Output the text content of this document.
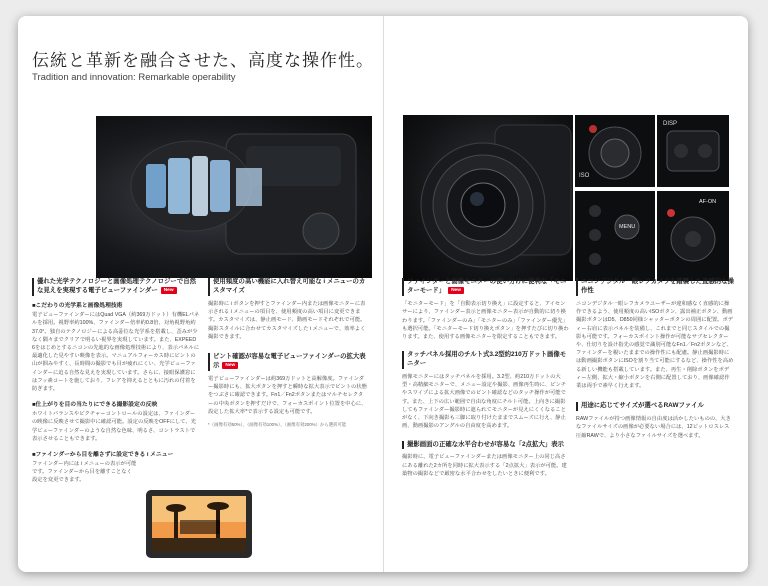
伝統と革新を融合させた、高度な操作性。
Tradition and innovation: Remarkable operability
優れた光学テクノロジーと画像処理テクノロジーで自然な見えを実現する電子ビューファインダー New
■こだわりの光学系と画像処理技術
電子ビューファインダーにはQuad VGA（約369万ドット）有機ELパネルを採用。視野率約100%、ファインダー倍率約0.8倍、対角視野角約37.0°。独自のテクノロジーによる高품位な光学系を搭載し、歪みが少なく隅々までクリアで明るい視界を実現しています。また、EXPEED 6をはじめとするニコンの先進的な画像処理技術により、表示パネルに最適化した見やすい映像を表示。マニュアルフォーカス時にピントの山が掴みやすく、長時間の撮影でも目が疲れにくい、光学ビューファインダーに迫る自然な見えを実現しています。さらに、接眼保護窓にはフッ素コートを施しており、フレアを抑えるとともに汚れの付着を防ぎます。
■仕上がりを目の当たりにできる撮影設定の反映
ホワイトバランスやピクチャーコントロールの設定は、ファインダーの映像に反映させて撮影中に確認可能。設定の反映をOFFにして、光学ビューファインダーのような自然な色味、明るさ、コントラストで表示させることもできます。
■ファインダーから目を離さずに設定できる i メニュー
ファインダー内には i メニューの表示が可能です。ファインダーから目を離すことなく設定を変更できます。
使用頻度の高い機能に入れ替え可能な i メニューのカスタマイズ
撮影時に i ボタンを押すとファインダー内または画像モニターに表示される i メニューの項目を、使用頻度の高い項目に変更できます。カスタマイズは、静止画モード、動画モードそれぞれで可能。撮影スタイルに合わせてカスタマイズした i メニューで、効率よく撮影できます。
ピント確認が容易な電子ビューファインダーの拡大表示 New
電子ビューファインダーは約369万ドットと高解像度。ファインダー撮影時にも、拡大ボタンを押すと瞬時な拡大表示でピントの状態をつぶさに確認できます。Fn1／Fn2ボタンまたはマルチセレクターの中央ボタンを押すだけで、フォーカスポイント位置を中心に、設定した拡大率*で表示する設定も可能です。
*（画像有効50%）、（画像有効100%）、（画像有効200%）から選択可能
ISO
DISP
MENU
AF-ON
ファインダーと画像モニターの使い分けに便利な「モニターモード」 New
「モニターモード」を「自動表示切り換え」に設定すると、アイセンサーにより、ファインダー表示と画像モニター表示が自動的に切り換わります。「ファインダーのみ」「モニターのみ」「ファインダー優先」も選択可能。「モニターモード切り換えボタン」を押すたびに切り換わります。また、使用する画像モニターを限定することもできます。
タッチパネル採用のチルト式3.2型約210万ドット画像モニター
画像モニターにはタッチパネルを採用。3.2型、約210万ドットの大型・高精細モニターで、メニュー設定や撮影、画像再生時に、ピンチやスワイプによる拡大画像でのピント確認などのタッチ操作が可能です。また、上下の広い範囲で自由な角度にチルト可能。上向きに撮影してもファインダー撮影時に遮られてモニターが見えにくくなることがなく、下向き撮影も三脚に取り付けたままでスムーズに行え、静止画、動画撮影のアングルの自由度を高めます。
撮影画面の正確な水平合わせが容易な「2点拡大」表示
撮影時に、電子ビューファインダーまたは画像モニター上の同じ高さにある離れた2カ所を同時に拡大表示する「2点拡大」表示が可能。建築物の撮影などで厳密な水平合わせをしたいときに便利です。
ニコンデジタル一眼レフカメラを踏襲した直感的な操作性
ニコンデジタル一眼レフカメラユーザーが違和感なく直感的に操作できるよう、使用頻度の高いISOボタン、露出補正ボタン、動画撮影ボタンはD5、D850同様シャッターボタンの周囲に配置。ボディー右肩に表示パネルを装備し、これまでと同じスタイルでの撮影も可能です。フォーカスポイント操作が可能なサブセレクターや、仕切りを設け指先の感覚で識別可能なFn1／Fn2ボタンなど、ファインダーを覗いたままでの操作性にも配慮。静止画撮影時には動画撮影ボタンにISOを割り当て可能にするなど、操作性を高める新しい機能も搭載しています。また、再生・削除ボタンをボディー左側、拡大・縮小ボタンを右側に配置しており、画像確認作業は両手で素早く行えます。
用途に応じてサイズが選べるRAWファイル
RAWファイルが持つ画像情報の自由度は活かしたいものの、大きなファイルサイズの画像が必要ない場合には、12ビットロスレス圧縮RAWで、より小さなファイルサイズを選べます。
